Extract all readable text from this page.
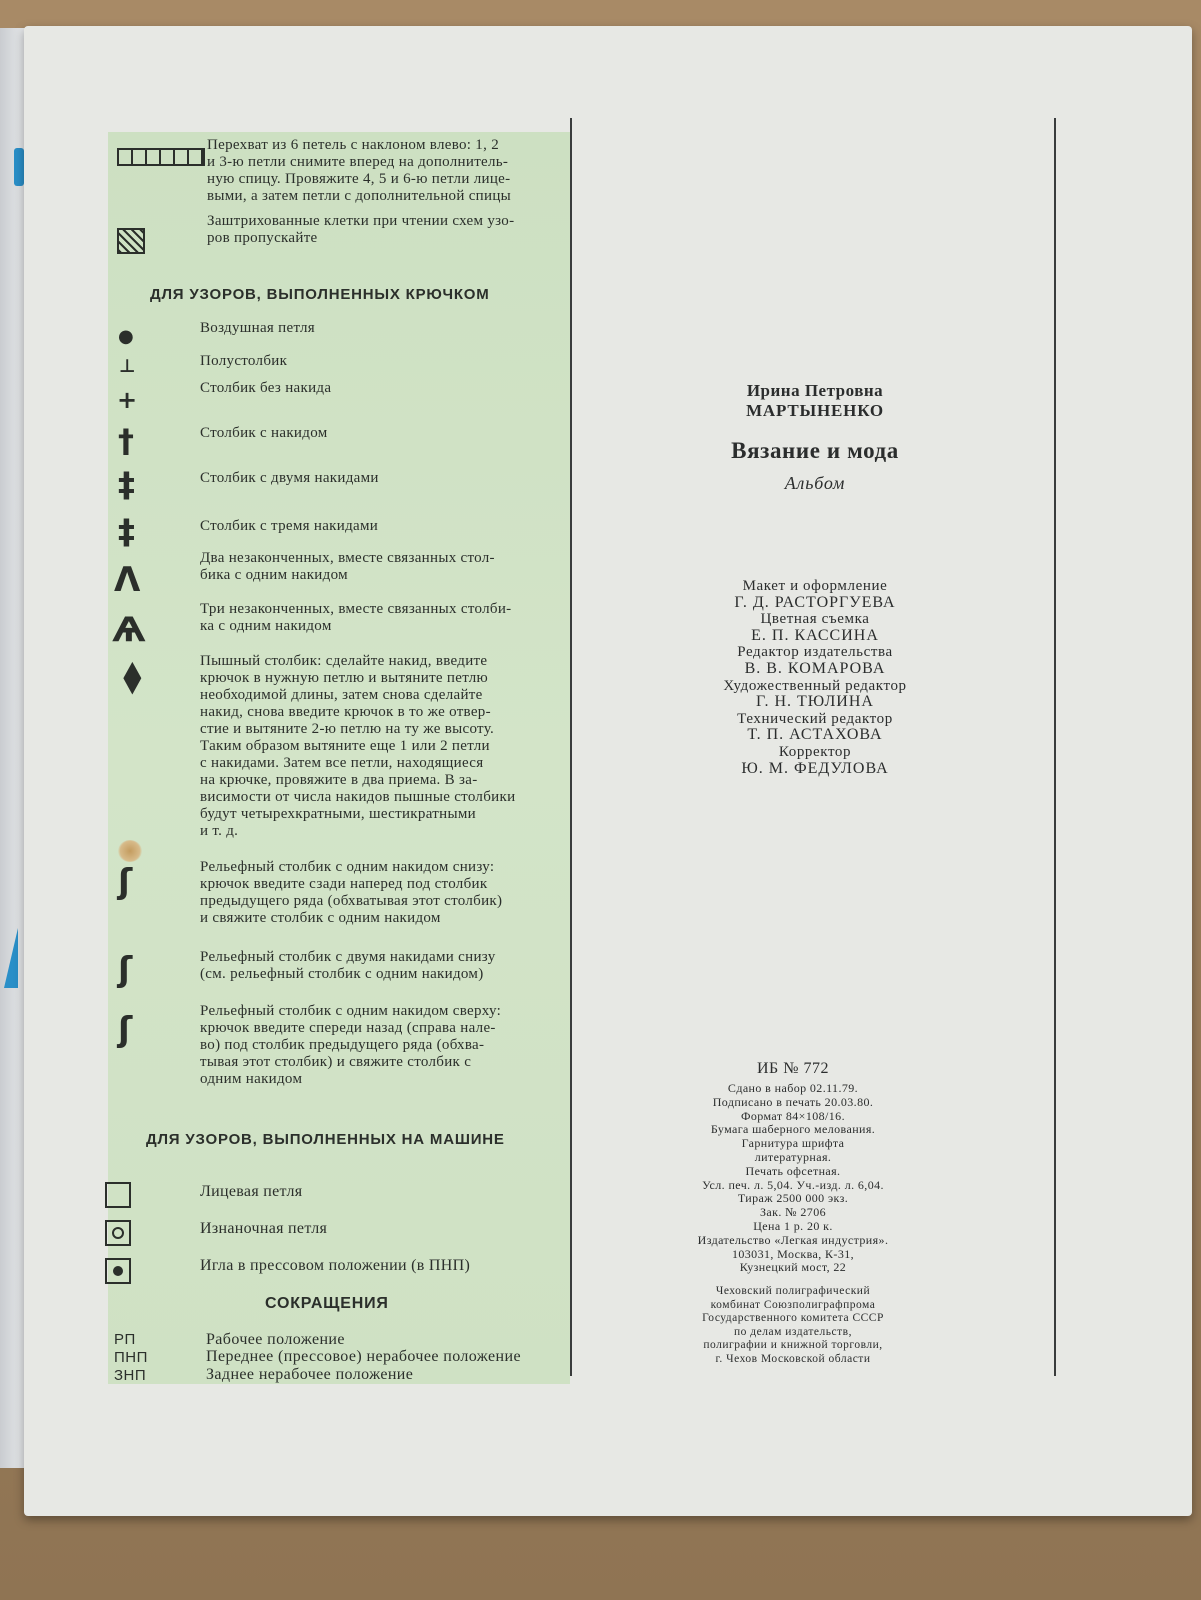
Перехват из 6 петель с наклоном влево: 1, 2
и 3-ю петли снимите вперед на дополнитель-
ную спицу. Провяжите 4, 5 и 6-ю петли лице-
выми, а затем петли с дополнительной спицы
Заштрихованные клетки при чтении схем узо-
ров пропускайте
ДЛЯ УЗОРОВ, ВЫПОЛНЕННЫХ КРЮЧКОМ
●
⊥
+
†
‡
‡
Λ
Ѧ
♦
ʃ
ʃ
ʃ
Воздушная петля
Полустолбик
Столбик без накида
Столбик с накидом
Столбик с двумя накидами
Столбик с тремя накидами
Два незаконченных, вместе связанных стол-
бика с одним накидом
Три незаконченных, вместе связанных столби-
ка с одним накидом
Пышный столбик: сделайте накид, введите
крючок в нужную петлю и вытяните петлю
необходимой длины, затем снова сделайте
накид, снова введите крючок в то же отвер-
стие и вытяните 2-ю петлю на ту же высоту.
Таким образом вытяните еще 1 или 2 петли
с накидами. Затем все петли, находящиеся
на крючке, провяжите в два приема. В за-
висимости от числа накидов пышные столбики
будут четырехкратными, шестикратными
и т. д.
Рельефный столбик с одним накидом снизу:
крючок введите сзади наперед под столбик
предыдущего ряда (обхватывая этот столбик)
и свяжите столбик с одним накидом
Рельефный столбик с двумя накидами снизу
(см. рельефный столбик с одним накидом)
Рельефный столбик с одним накидом сверху:
крючок введите спереди назад (справа нале-
во) под столбик предыдущего ряда (обхва-
тывая этот столбик) и свяжите столбик с
одним накидом
ДЛЯ УЗОРОВ, ВЫПОЛНЕННЫХ НА МАШИНЕ
Лицевая петля
Изнаночная петля
Игла в прессовом положении (в ПНП)
СОКРАЩЕНИЯ
РП
ПНП
ЗНП
Рабочее положение
Переднее (прессовое) нерабочее положение
Заднее нерабочее положение
Ирина Петровна
МАРТЫНЕНКО
Вязание и мода
Альбом
Макет и оформление
Г. Д. РАСТОРГУЕВА
Цветная съемка
Е. П. КАССИНА
Редактор издательства
В. В. КОМАРОВА
Художественный редактор
Г. Н. ТЮЛИНА
Технический редактор
Т. П. АСТАХОВА
Корректор
Ю. М. ФЕДУЛОВА
ИБ № 772
Сдано в набор 02.11.79.
Подписано в печать 20.03.80.
Формат 84×108/16.
Бумага шаберного мелования.
Гарнитура шрифта
литературная.
Печать офсетная.
Усл. печ. л. 5,04. Уч.-изд. л. 6,04.
Тираж 2500 000 экз.
Зак. № 2706
Цена 1 р. 20 к.
Издательство «Легкая индустрия».
103031, Москва, К-31,
Кузнецкий мост, 22
Чеховский полиграфический
комбинат Союзполиграфпрома
Государственного комитета СССР
по делам издательств,
полиграфии и книжной торговли,
г. Чехов Московской области
